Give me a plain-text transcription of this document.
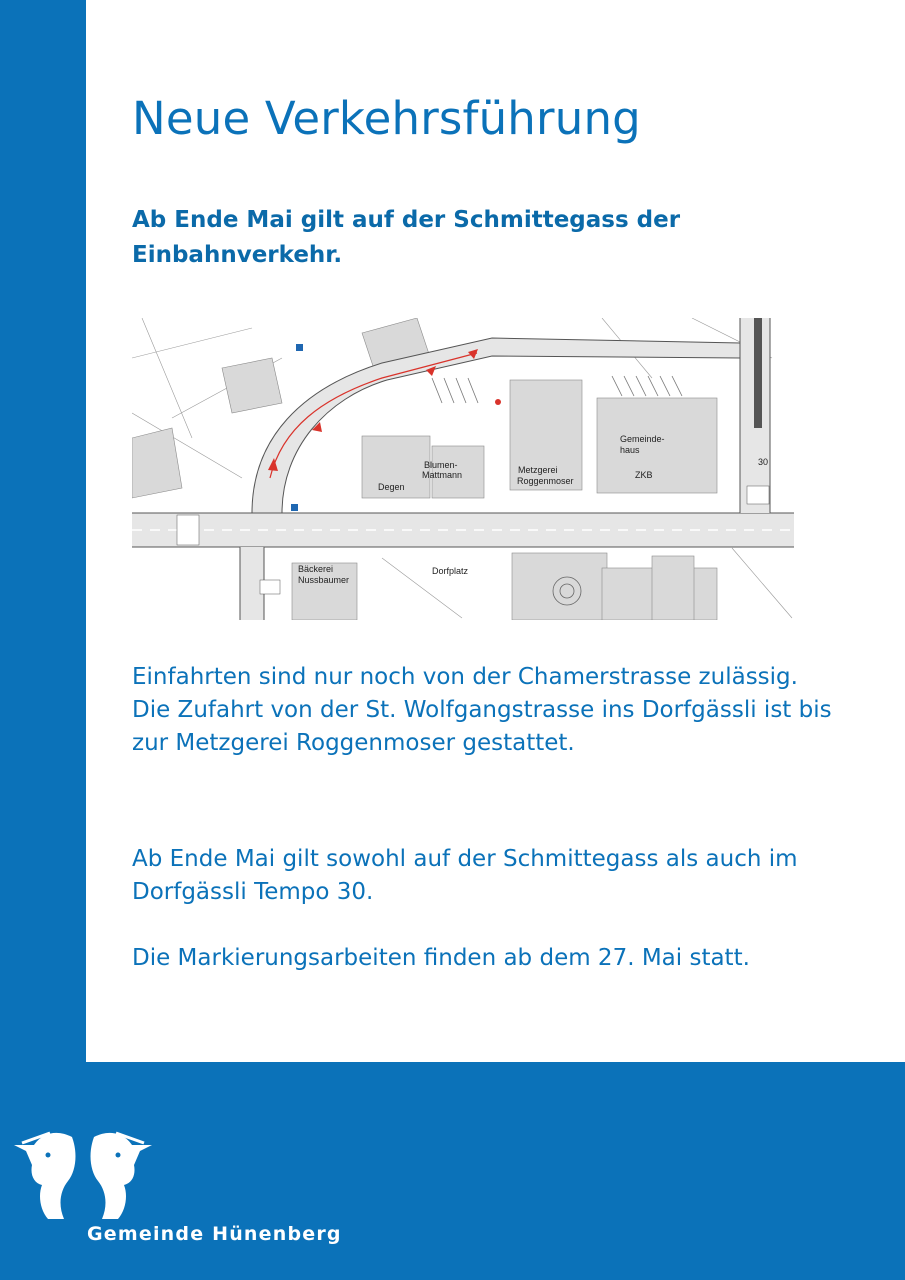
Neue Verkehrsführung

Ab Ende Mai gilt auf der Schmittegass der Einbahnverkehr.

Degen
Blumen-
Mattmann	Metzgerei
Roggenmoser
Gemeinde-
haus
ZKB
Bäckerei
Nussbaumer
Dorfplatz
30

Einfahrten sind nur noch von der Chamerstrasse zulässig. Die Zufahrt von der St. Wolfgangstrasse ins Dorfgässli ist bis zur Metzgerei Roggenmoser gestattet.

Ab Ende Mai gilt sowohl auf der Schmittegass als auch im Dorfgässli Tempo 30.

Die Markierungsarbeiten finden ab dem 27. Mai statt.

Gemeinde Hünenberg
